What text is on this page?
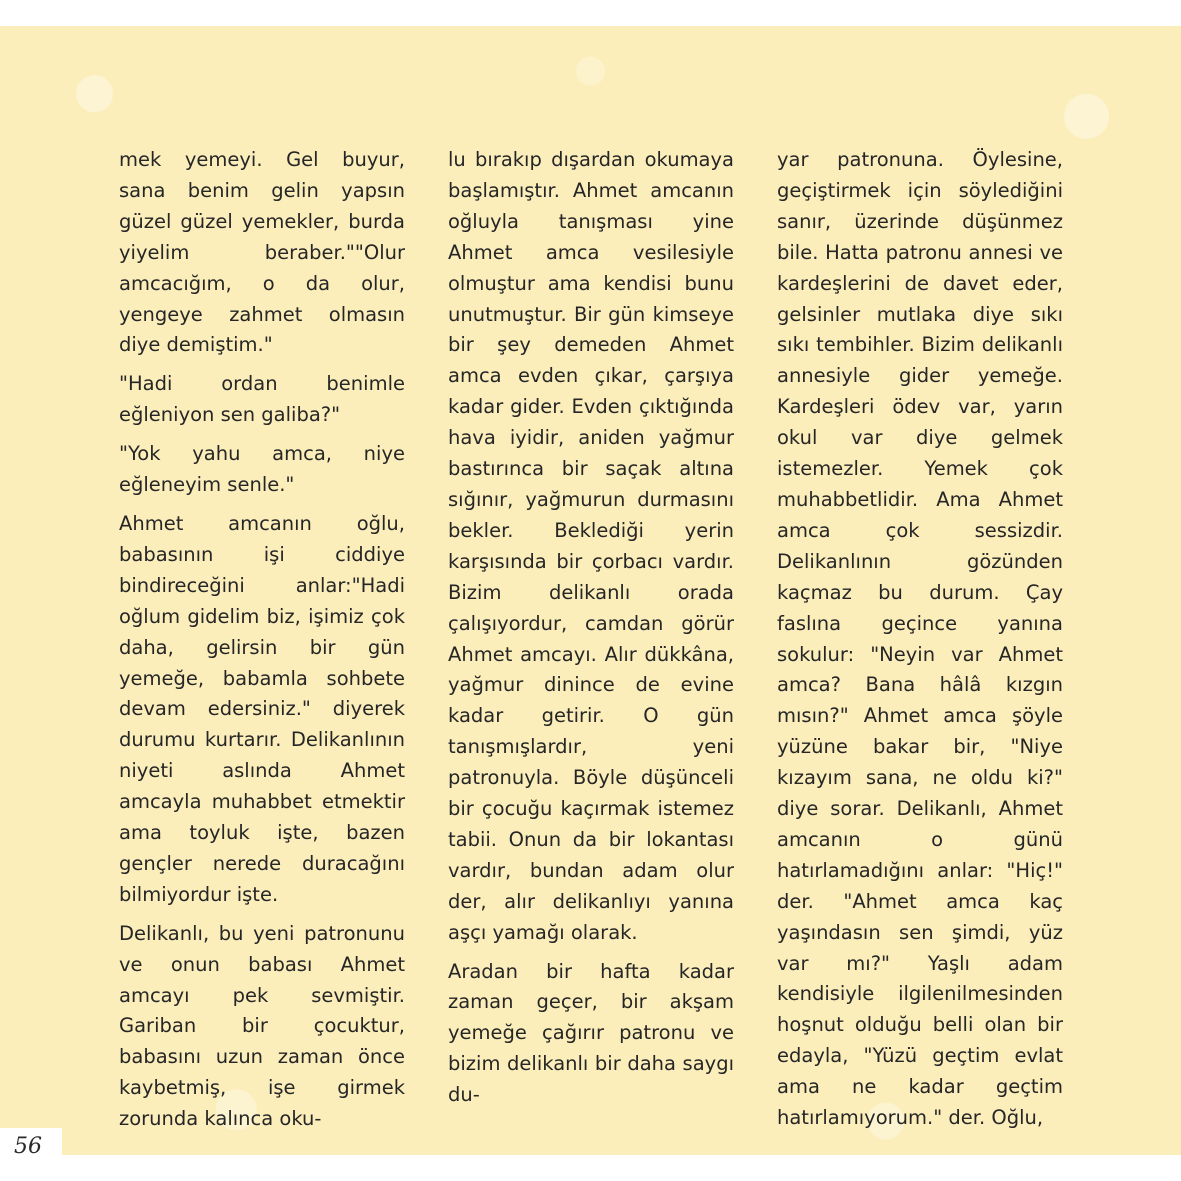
mek yemeyi. Gel buyur, sana benim gelin yapsın güzel güzel yemekler, burda yiyelim beraber.""Olur amcacığım, o da olur, yengeye zahmet olmasın diye demiştim."

"Hadi ordan benimle eğleniyon sen galiba?"

"Yok yahu amca, niye eğleneyim senle."

Ahmet amcanın oğlu, babasının işi ciddiye bindireceğini anlar:"Hadi oğlum gidelim biz, işimiz çok daha, gelirsin bir gün yemeğe, babamla sohbete devam edersiniz." diyerek durumu kurtarır. Delikanlının niyeti aslında Ahmet amcayla muhabbet etmektir ama toyluk işte, bazen gençler nerede duracağını bilmiyordur işte.

Delikanlı, bu yeni patronunu ve onun babası Ahmet amcayı pek sevmiştir. Gariban bir çocuktur, babasını uzun zaman önce kaybetmiş, işe girmek zorunda kalınca oku-

lu bırakıp dışardan okumaya başlamıştır. Ahmet amcanın oğluyla tanışması yine Ahmet amca vesilesiyle olmuştur ama kendisi bunu unutmuştur. Bir gün kimseye bir şey demeden Ahmet amca evden çıkar, çarşıya kadar gider. Evden çıktığında hava iyidir, aniden yağmur bastırınca bir saçak altına sığınır, yağmurun durmasını bekler. Beklediği yerin karşısında bir çorbacı vardır. Bizim delikanlı orada çalışıyordur, camdan görür Ahmet amcayı. Alır dükkâna, yağmur dinince de evine kadar getirir. O gün tanışmışlardır, yeni patronuyla. Böyle düşünceli bir çocuğu kaçırmak istemez tabii. Onun da bir lokantası vardır, bundan adam olur der, alır delikanlıyı yanına aşçı yamağı olarak.

Aradan bir hafta kadar zaman geçer, bir akşam yemeğe çağırır patronu ve bizim delikanlı bir daha saygı du-

yar patronuna. Öylesine, geçiştirmek için söylediğini sanır, üzerinde düşünmez bile. Hatta patronu annesi ve kardeşlerini de davet eder, gelsinler mutlaka diye sıkı sıkı tembihler. Bizim delikanlı annesiyle gider yemeğe. Kardeşleri ödev var, yarın okul var diye gelmek istemezler. Yemek çok muhabbetlidir. Ama Ahmet amca çok sessizdir. Delikanlının gözünden kaçmaz bu durum. Çay faslına geçince yanına sokulur: "Neyin var Ahmet amca? Bana hâlâ kızgın mısın?" Ahmet amca şöyle yüzüne bakar bir, "Niye kızayım sana, ne oldu ki?" diye sorar. Delikanlı, Ahmet amcanın o günü hatırlamadığını anlar: "Hiç!" der. "Ahmet amca kaç yaşındasın sen şimdi, yüz var mı?" Yaşlı adam kendisiyle ilgilenilmesinden hoşnut olduğu belli olan bir edayla, "Yüzü geçtim evlat ama ne kadar geçtim hatırlamıyorum." der. Oğlu,

56
